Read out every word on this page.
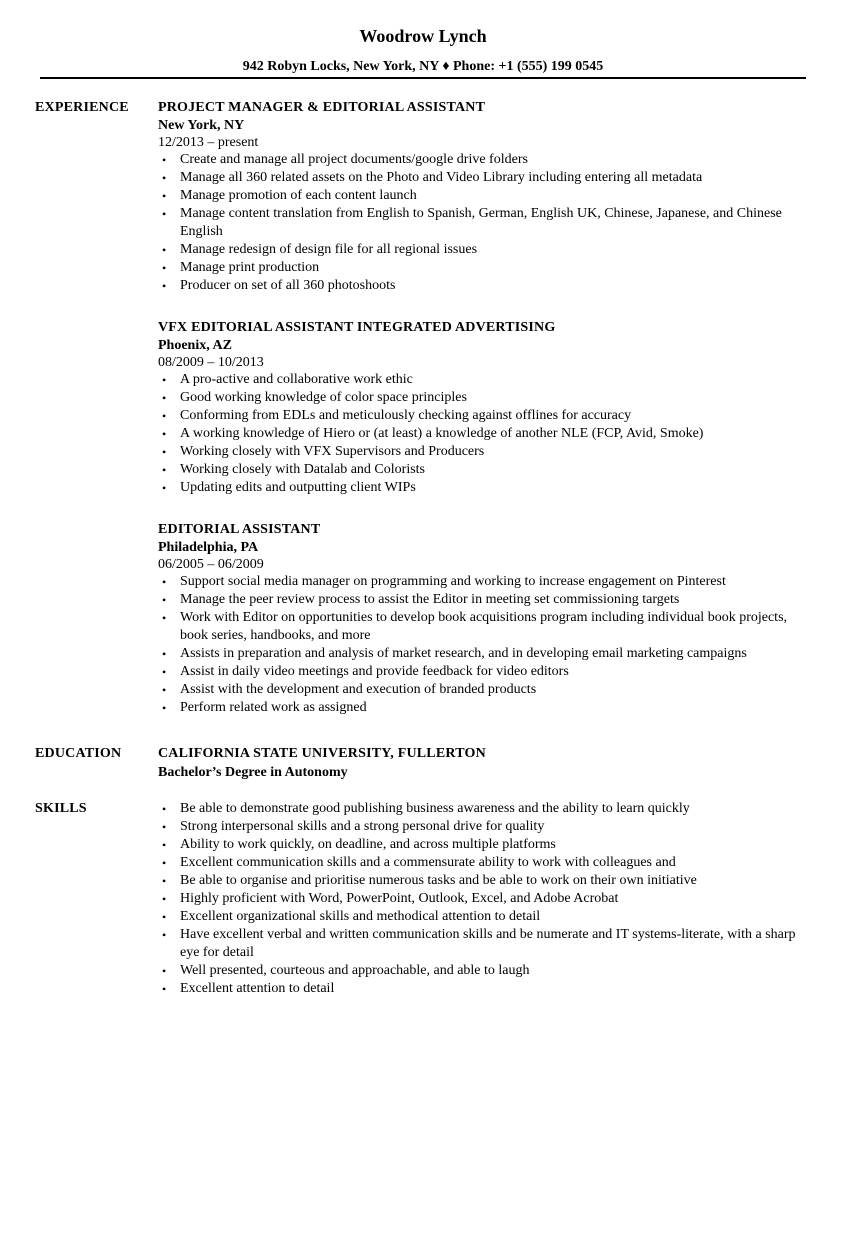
Woodrow Lynch
942 Robyn Locks, New York, NY ♦ Phone: +1 (555) 199 0545
EXPERIENCE PROJECT MANAGER & EDITORIAL ASSISTANT
New York, NY
12/2013 – present
• Create and manage all project documents/google drive folders
• Manage all 360 related assets on the Photo and Video Library including entering all metadata
• Manage promotion of each content launch
• Manage content translation from English to Spanish, German, English UK, Chinese, Japanese, and Chinese English
• Manage redesign of design file for all regional issues
• Manage print production
• Producer on set of all 360 photoshoots
VFX EDITORIAL ASSISTANT INTEGRATED ADVERTISING
Phoenix, AZ
08/2009 – 10/2013
• A pro-active and collaborative work ethic
• Good working knowledge of color space principles
• Conforming from EDLs and meticulously checking against offlines for accuracy
• A working knowledge of Hiero or (at least) a knowledge of another NLE (FCP, Avid, Smoke)
• Working closely with VFX Supervisors and Producers
• Working closely with Datalab and Colorists
• Updating edits and outputting client WIPs
EDITORIAL ASSISTANT
Philadelphia, PA
06/2005 – 06/2009
• Support social media manager on programming and working to increase engagement on Pinterest
• Manage the peer review process to assist the Editor in meeting set commissioning targets
• Work with Editor on opportunities to develop book acquisitions program including individual book projects, book series, handbooks, and more
• Assists in preparation and analysis of market research, and in developing email marketing campaigns
• Assist in daily video meetings and provide feedback for video editors
• Assist with the development and execution of branded products
• Perform related work as assigned
EDUCATION	CALIFORNIA STATE UNIVERSITY, FULLERTON
Bachelor’s Degree in Autonomy
SKILLS
•	Be able to demonstrate good publishing business awareness and the ability to learn quickly
• Strong interpersonal skills and a strong personal drive for quality
• Ability to work quickly, on deadline, and across multiple platforms
• Excellent communication skills and a commensurate ability to work with colleagues and
• Be able to organise and prioritise numerous tasks and be able to work on their own initiative
• Highly proficient with Word, PowerPoint, Outlook, Excel, and Adobe Acrobat
• Excellent organizational skills and methodical attention to detail
• Have excellent verbal and written communication skills and be numerate and IT systems-literate, with a sharp eye for detail
• Well presented, courteous and approachable, and able to laugh
• Excellent attention to detail
